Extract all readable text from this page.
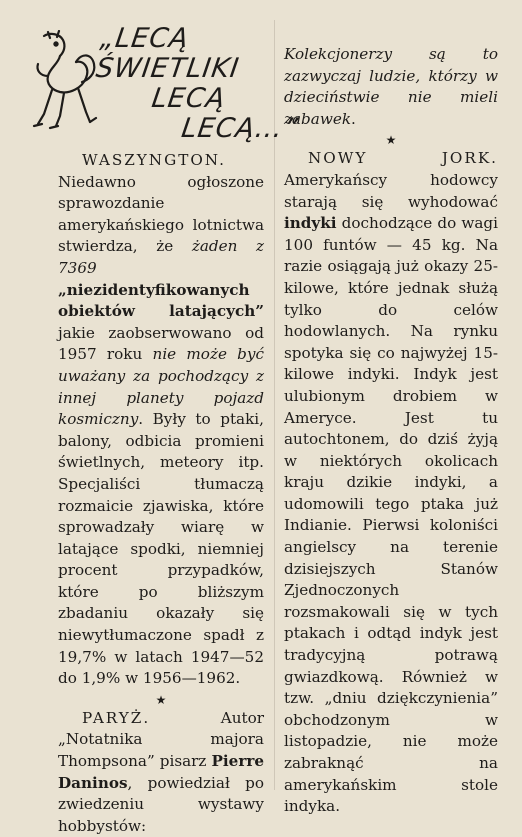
„LECĄ ŚWIETLIKI
LECĄ
LECĄ…”

WASZYNGTON. Niedawno ogłoszone sprawozdanie amerykańskiego lotnictwa stwierdza, że żaden z 7369 „niezidentyfikowanych obiektów latających” jakie zaobserwowano od 1957 roku nie może być uważany za pochodzący z innej planety pojazd kosmiczny. Były to ptaki, balony, odbicia promieni świetlnych, meteory itp. Specjaliści tłumaczą rozmaicie zjawiska, które sprowadzały wiarę w latające spodki, niemniej procent przypadków, które po bliższym zbadaniu okazały się niewytłumaczone spadł z 19,7% w latach 1947—52 do 1,9% w 1956—1962.

★

PARYŻ. Autor „Notatnika majora Thompsona” pisarz Pierre Daninos, powiedział po zwiedzeniu wystawy hobbystów:

Kolekcjonerzy są to zazwyczaj ludzie, którzy w dzieciństwie nie mieli zabawek.

★

NOWY JORK. Amerykańscy hodowcy starają się wyhodować indyki dochodzące do wagi 100 funtów — 45 kg. Na razie osiągają już okazy 25-kilowe, które jednak służą tylko do celów hodowlanych. Na rynku spotyka się co najwyżej 15-kilowe indyki. Indyk jest ulubionym drobiem w Ameryce. Jest tu autochtonem, do dziś żyją w niektórych okolicach kraju dzikie indyki, a udomowili tego ptaka już Indianie. Pierwsi koloniści angielscy na terenie dzisiejszych Stanów Zjednoczonych rozsmakowali się w tych ptakach i odtąd indyk jest tradycyjną potrawą gwiazdkową. Również w tzw. „dniu dziękczynienia” obchodzonym w listopadzie, nie może zabraknąć na amerykańskim stole indyka.
